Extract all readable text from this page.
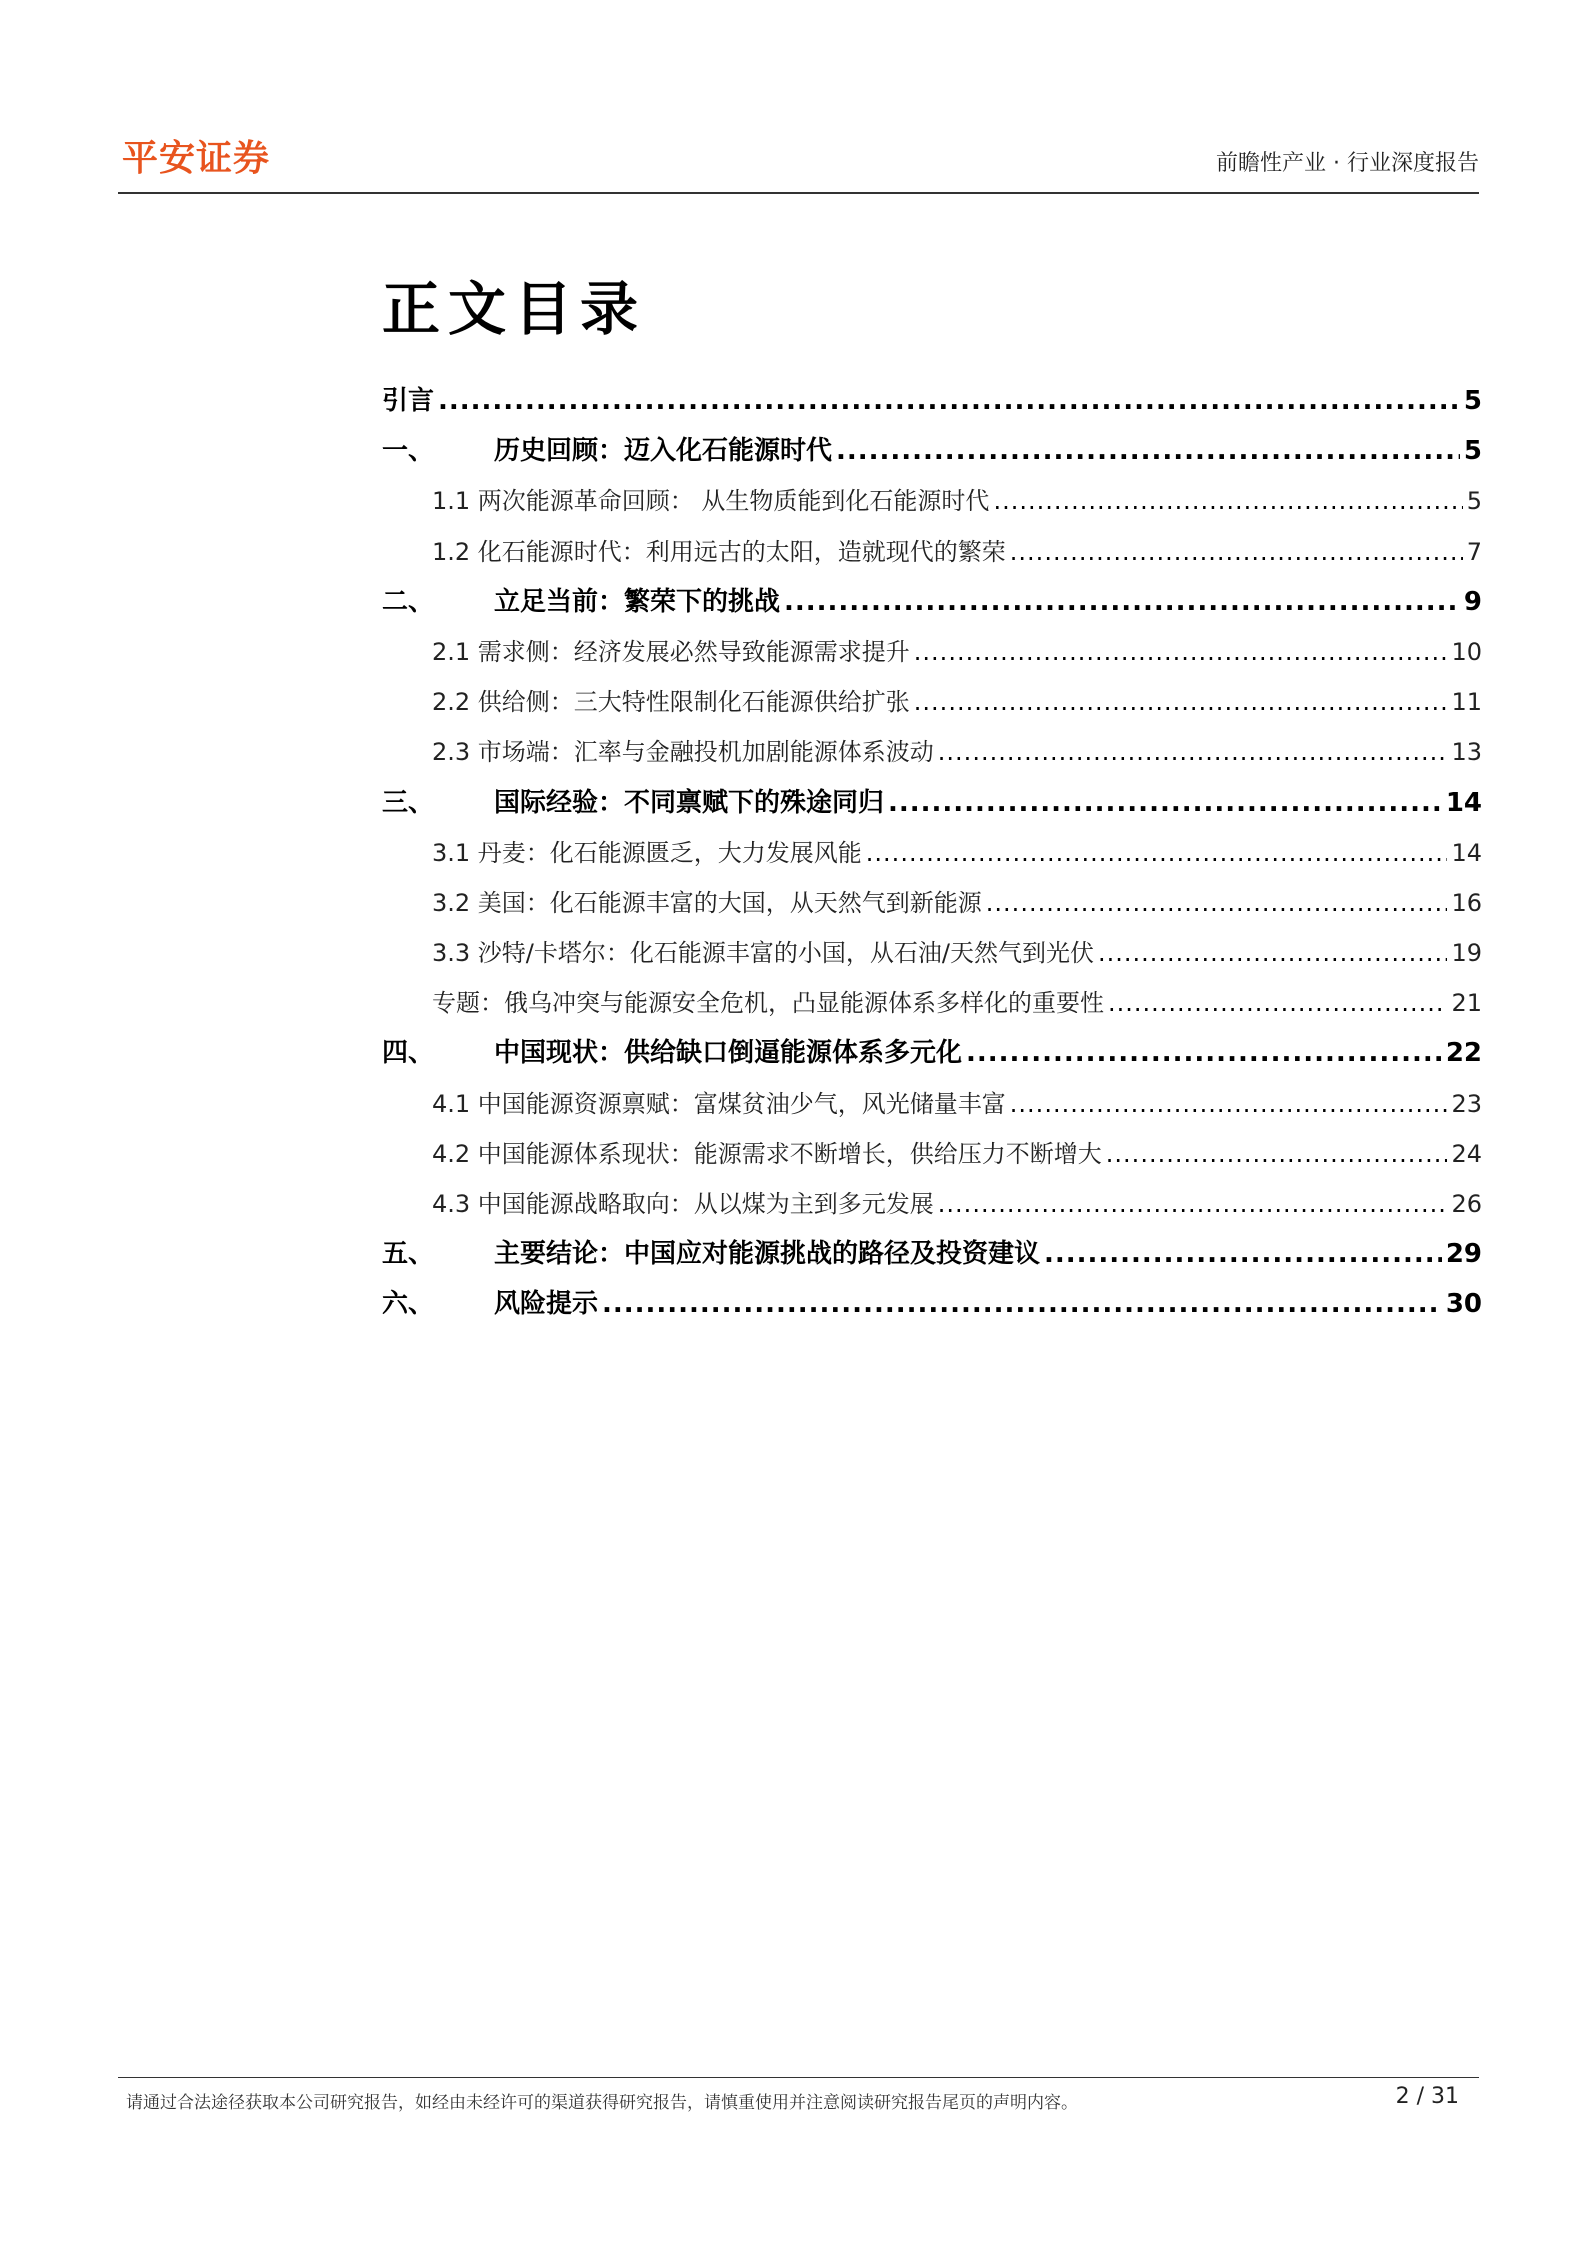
平安证券	前瞻性产业 · 行业深度报告
正文目录
引言 .....	5
一、	历史回顾：迈入化石能源时代 .....	5
1.1 两次能源革命回顾： 从生物质能到化石能源时代 .....	5
1.2 化石能源时代：利用远古的太阳，造就现代的繁荣 .....	7
二、	立足当前：繁荣下的挑战 .....	9
2.1 需求侧：经济发展必然导致能源需求提升 .....	10
2.2 供给侧：三大特性限制化石能源供给扩张 .....	11
2.3 市场端：汇率与金融投机加剧能源体系波动 .....	13
三、	国际经验：不同禀赋下的殊途同归 .....	14
3.1 丹麦：化石能源匮乏，大力发展风能 .....	14
3.2 美国：化石能源丰富的大国，从天然气到新能源 .....	16
3.3 沙特/卡塔尔：化石能源丰富的小国，从石油/天然气到光伏 .....	19
专题：俄乌冲突与能源安全危机，凸显能源体系多样化的重要性 .....	21
四、	中国现状：供给缺口倒逼能源体系多元化 .....	22
4.1 中国能源资源禀赋：富煤贫油少气，风光储量丰富 .....	23
4.2 中国能源体系现状：能源需求不断增长，供给压力不断增大 .....	24
4.3 中国能源战略取向：从以煤为主到多元发展 .....	26
五、	主要结论：中国应对能源挑战的路径及投资建议 .....	29
六、	风险提示 .....	30
请通过合法途径获取本公司研究报告，如经由未经许可的渠道获得研究报告，请慎重使用并注意阅读研究报告尾页的声明内容。	2 / 31
